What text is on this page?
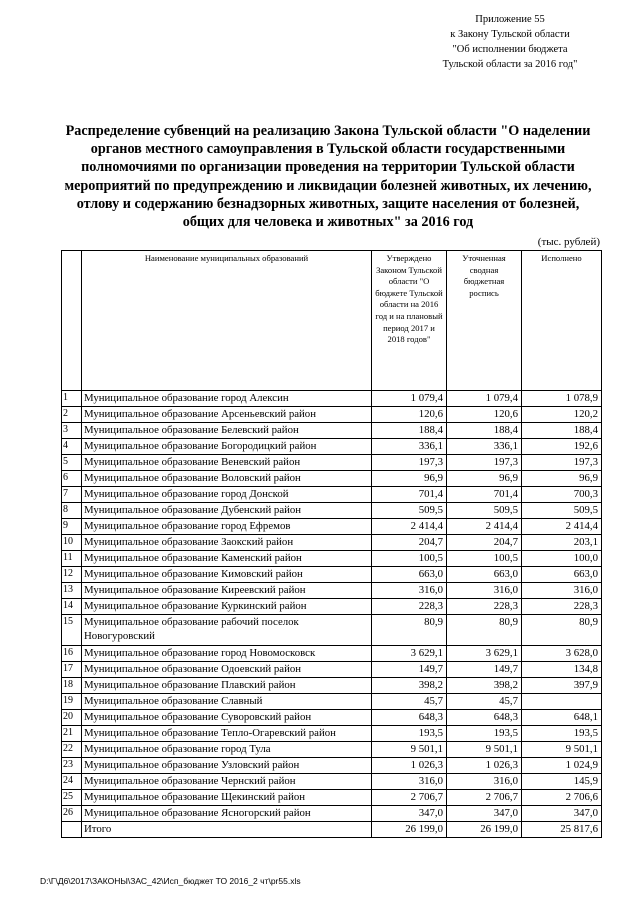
Приложение 55
к Закону Тульской области
"Об исполнении бюджета
Тульской области за 2016 год"
Распределение субвенций на реализацию Закона Тульской области "О наделении органов местного самоуправления в Тульской области государственными полномочиями по организации проведения на территории Тульской области мероприятий по предупреждению и ликвидации болезней животных, их лечению, отлову и содержанию безнадзорных животных, защите населения от болезней, общих для человека и животных" за 2016 год
(тыс. рублей)
	Наименование муниципальных образований	Утверждено Законом Тульской области "О бюджете Тульской области на 2016 год и на плановый период 2017 и 2018 годов"	Уточненная сводная бюджетная роспись	Исполнено
1	Муниципальное образование город Алексин	1 079,4	1 079,4	1 078,9
2	Муниципальное образование Арсеньевский район	120,6	120,6	120,2
3	Муниципальное образование Белевский район	188,4	188,4	188,4
4	Муниципальное образование Богородицкий район	336,1	336,1	192,6
5	Муниципальное образование Веневский район	197,3	197,3	197,3
6	Муниципальное образование Воловский район	96,9	96,9	96,9
7	Муниципальное образование город Донской	701,4	701,4	700,3
8	Муниципальное образование Дубенский район	509,5	509,5	509,5
9	Муниципальное образование город Ефремов	2 414,4	2 414,4	2 414,4
10	Муниципальное образование Заокский район	204,7	204,7	203,1
11	Муниципальное образование Каменский район	100,5	100,5	100,0
12	Муниципальное образование Кимовский район	663,0	663,0	663,0
13	Муниципальное образование Киреевский район	316,0	316,0	316,0
14	Муниципальное образование Куркинский район	228,3	228,3	228,3
15	Муниципальное образование рабочий поселок Новогуровский	80,9	80,9	80,9
16	Муниципальное образование город Новомосковск	3 629,1	3 629,1	3 628,0
17	Муниципальное образование Одоевский район	149,7	149,7	134,8
18	Муниципальное образование Плавский район	398,2	398,2	397,9
19	Муниципальное образование Славный	45,7	45,7	
20	Муниципальное образование Суворовский район	648,3	648,3	648,1
21	Муниципальное образование Тепло-Огаревский район	193,5	193,5	193,5
22	Муниципальное образование город Тула	9 501,1	9 501,1	9 501,1
23	Муниципальное образование Узловский район	1 026,3	1 026,3	1 024,9
24	Муниципальное образование Чернский район	316,0	316,0	145,9
25	Муниципальное образование Щекинский район	2 706,7	2 706,7	2 706,6
26	Муниципальное образование Ясногорский район	347,0	347,0	347,0
	Итого	26 199,0	26 199,0	25 817,6
D:\Г\Д6\2017\ЗАКОНЫ\ЗАС_42\Исп_бюджет ТО 2016_2 чт\pr55.xls
